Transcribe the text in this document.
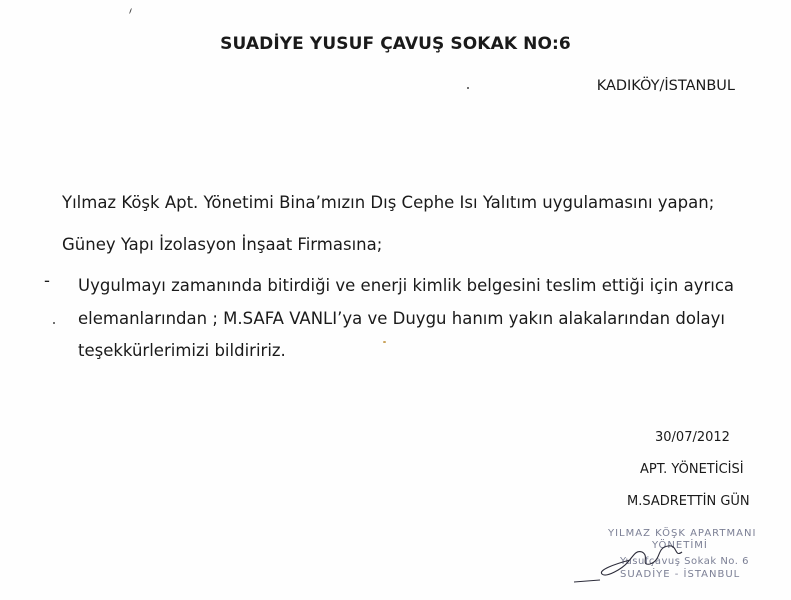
SUADİYE YUSUF ÇAVUŞ SOKAK NO:6
KADIKÖY/İSTANBUL
Yılmaz Köşk Apt. Yönetimi Bina’mızın Dış Cephe Isı Yalıtım uygulamasını yapan;
Güney Yapı İzolasyon İnşaat Firmasına;
- Uygulmayı zamanında bitirdiği ve enerji kimlik belgesini teslim ettiği için ayrıca
elemanlarından ; M.SAFA VANLI’ya ve Duygu hanım yakın alakalarından dolayı
teşekkürlerimizi bildiririz.
30/07/2012
APT. YÖNETİCİSİ
M.SADRETTİN GÜN
YILMAZ KÖŞK APARTMANI
YÖNETİMİ
Yusufçavuş Sokak No. 6
SUADİYE - İSTANBUL
